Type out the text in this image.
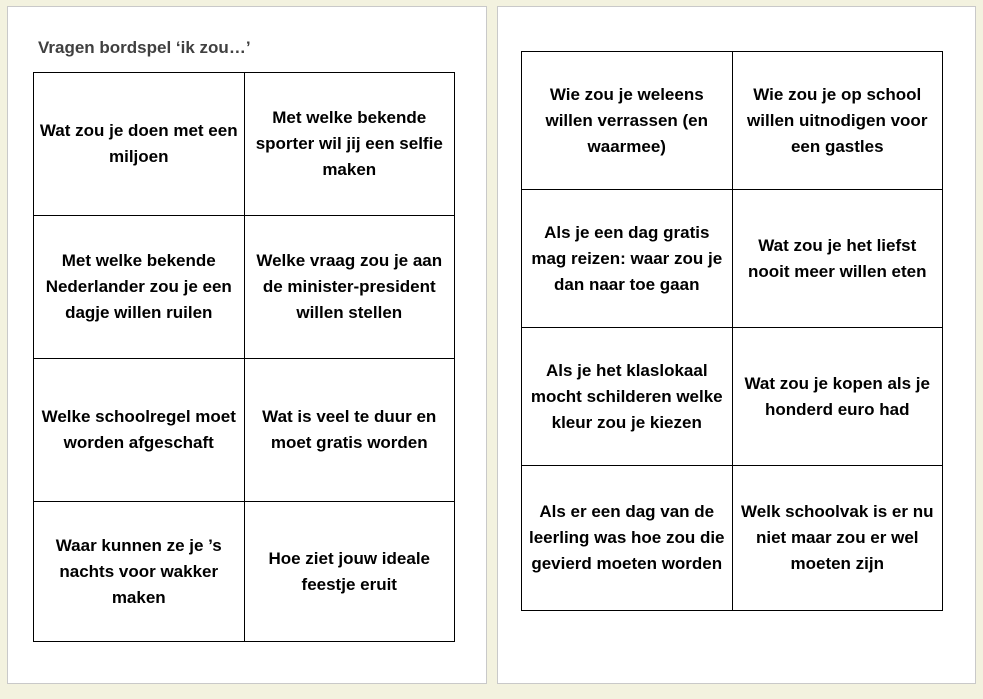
Vragen bordspel ‘ik zou…’
Wat zou je doen met een miljoen	Met welke bekende sporter wil jij een selfie maken
Met welke bekende Nederlander zou je een dagje willen ruilen	Welke vraag zou je aan de minister-president willen stellen
Welke schoolregel moet worden afgeschaft	Wat is veel te duur en moet gratis worden
Waar kunnen ze je ’s nachts voor wakker maken	Hoe ziet jouw ideale feestje eruit
Wie zou je weleens willen verrassen (en waarmee)	Wie zou je op school willen uitnodigen voor een gastles
Als je een dag gratis mag reizen: waar zou je dan naar toe gaan	Wat zou je het liefst nooit meer willen eten
Als je het klaslokaal mocht schilderen welke kleur zou je kiezen	Wat zou je kopen als je honderd euro had
Als er een dag van de leerling was hoe zou die gevierd moeten worden	Welk schoolvak is er nu niet maar zou er wel moeten zijn
